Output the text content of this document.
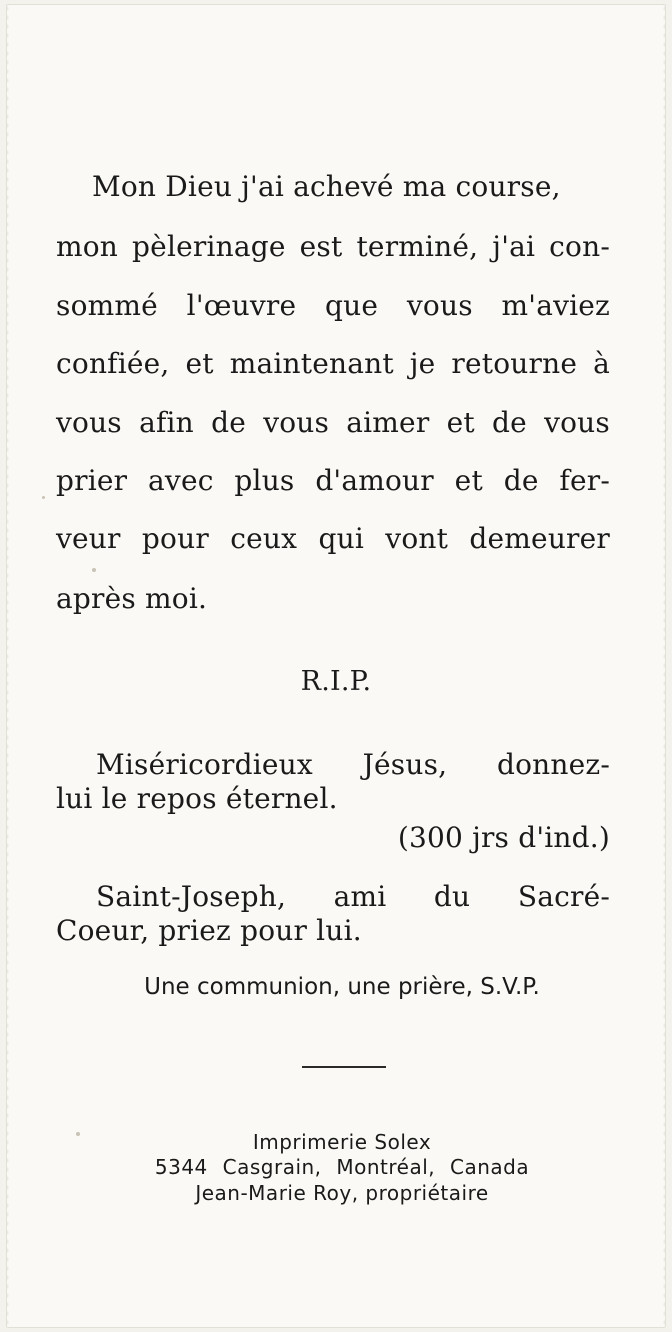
Mon Dieu j'ai achevé ma course,
mon pèlerinage est terminé, j'ai con-
sommé l'œuvre que vous m'aviez
confiée, et maintenant je retourne à
vous afin de vous aimer et de vous
prier avec plus d'amour et de fer-
veur pour ceux qui vont demeurer
après moi.
R.I.P.
Miséricordieux Jésus, donnez-
lui le repos éternel.
(300 jrs d'ind.)
Saint-Joseph, ami du Sacré-
Coeur, priez pour lui.
Une communion, une prière, S.V.P.
Imprimerie Solex
5344 Casgrain, Montréal, Canada
Jean-Marie Roy, propriétaire
